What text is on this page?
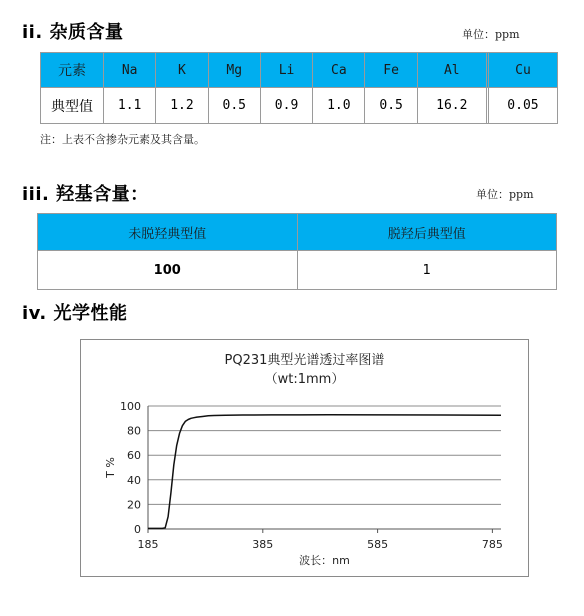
ii. 杂质含量	单位：ppm
元素	Na	K	Mg	Li	Ca	Fe	Al		Cu
典型值	1.1	1.2	0.5	0.9	1.0	0.5	16.2		0.05
注：上表不含掺杂元素及其含量。
iii. 羟基含量：	单位：ppm
未脱羟典型值	脱羟后典型值
100	1
iv. 光学性能
PQ231典型光谱透过率图谱
（wt:1mm）
0
20
40
60
80
100
185	385	585	785
波长：nm
T %
